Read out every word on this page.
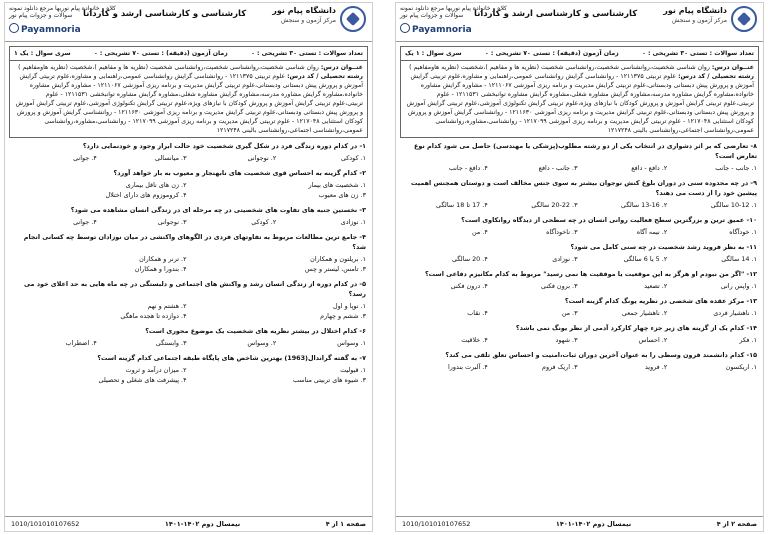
دانشگاه پیام نور
مرکز آزمون و سنجش
کارشناسی و کارشناسی ارشد و کاردانا
کلاه و خانواده پیام نوریها مرجع دانلود نمونه سوالات و جزوات پیام نور
Payamnoria
تعداد سوالات : تستی ۳۰ تشریحی : ۰
زمان آزمون (دقیقه) : تستی ۷۰ تشریحی : ۰
سری سوال : یک ۱
عنــوان درس: روان شناسی شخصیت،روانشناسی شخصیت،روانشناسی شخصیت (نظریه ها و مفاهیم )،شخصیت (نظریه هاومفاهیم )
رشته تحصیلی / کد درس: علوم تربیتی ۱۲۱۱۳۷۵ - روانشناسی گرایش روانشناسی عمومی،راهنمایی و مشاوره،علوم تربیتی گرایش آموزش و پرورش پیش دبستانی ودبستانی،علوم تربیتی گرایش مدیریت و برنامه ریزی آموزشی ۱۲۱۱۰۶۷ - مشاوره گرایش مشاوره خانواده،مشاوره گرایش مشاوره مدرسه،مشاوره گرایش مشاوره شغلی،مشاوره گرایش مشاوره توانبخشی ۱۲۱۱۵۳۱ - علوم تربیتی،علوم تربیتی گرایش آموزش و پرورش کودکان با نیازهای ویژه،علوم تربیتی گرایش تکنولوژی آموزشی،علوم تربیتی گرایش آموزش و پرورش پیش دبستانی ودبستانی،علوم تربیتی گرایش مدیریت و برنامه ریزی آموزشی ۱۲۱۱۶۳۰ - روانشناسی گرایش آموزش و پرورش کودکان استثنایی ۱۲۱۷۰۴۸ - علوم تربیتی گرایش مدیریت و برنامه ریزی آموزشی ۱۲۱۷۰۹۹ - روانشناسی،مشاوره،روانشناسی عمومی،روانشناسی اجتماعی،روانشناسی بالینی ۱۲۱۷۲۴۸
۱- در کدام دوره زندگی فرد در شکل گیری شخصیت خود حالت ابراز وجود و خودنمایی دارد؟
۱. کودکی
۲. نوجوانی
۳. میانسالی
۴. جوانی
۲- کدام گزینه به احساس قوی شخصیت های نابهنجار و معیوب به بار خواهد آورد؟
۱. شخصیت های بیمار
۲. زن های ناقل بیماری
۳. زن های معیوب
۴. کروموزوم های دارای اختلال
۳- نخستین جنبه های تفاوت های شخصیتی در چه مرحله ای در زندگی انسان مشاهده می شود؟
۱. نوزادی
۲. کودکی
۳. نوجوانی
۴. جوانی
۴- جامع ترین مطالعات مربوط به تفاوتهای فردی در الگوهای واکنشی در میان نوزادان توسط چه کسانی انجام شد؟
۱. بریلتون و همکاران
۲. ترنر و همکاران
۳. تامس، لیستر و چس
۴. بندورا و همکاران
۵- در کدام دوره از زندگی انسان رشد و واکنش های اجتماعی و دلبستگی در چه ماه هایی به حد اعلای خود می رسد؟
۱. نوپا و اول
۲. هشتم و نهم
۳. ششم و چهارم
۴. دوازده تا هجده ماهگی
۶- کدام اختلال در بیشتر نظریه های شخصیت یک موضوع محوری است؟
۱. وسواس
۲. وسواس
۳. وابستگی
۴. اضطراب
۷- به گفته گراندال(1963) بهترین شاخص های پایگاه طبقه اجتماعی کدام گزینه است؟
۱. قبولیت
۲. میزان درآمد و ثروت
۳. شیوه های تربیتی مناسب
۴. پیشرفت های شغلی و تحصیلی
صفحه ۱ از ۴
نیمسال دوم ۱۴۰۲-۱۴۰۱
1010/101010107652
دانشگاه پیام نور
مرکز آزمون و سنجش
کارشناسی و کارشناسی ارشد و کاردانا
کلاه و خانواده پیام نوریها مرجع دانلود نمونه سوالات و جزوات پیام نور
Payamnoria
تعداد سوالات : تستی ۳۰ تشریحی : ۰
زمان آزمون (دقیقه) : تستی ۷۰ تشریحی : ۰
سری سوال : ۱ یک
عنــوان درس: روان شناسی شخصیت،روانشناسی شخصیت،روانشناسی شخصیت (نظریه ها و مفاهیم )،شخصیت (نظریه هاومفاهیم )
رشته تحصیلی / کد درس: علوم تربیتی ۱۲۱۱۳۷۵ - روانشناسی گرایش روانشناسی عمومی،راهنمایی و مشاوره،علوم تربیتی گرایش آموزش و پرورش پیش دبستانی ودبستانی،علوم تربیتی گرایش مدیریت و برنامه ریزی آموزشی ۱۲۱۱۰۶۷ - مشاوره گرایش مشاوره خانواده،مشاوره گرایش مشاوره مدرسه،مشاوره گرایش مشاوره شغلی،مشاوره گرایش مشاوره توانبخشی ۱۲۱۱۵۳۱ - علوم تربیتی،علوم تربیتی گرایش آموزش و پرورش کودکان با نیازهای ویژه،علوم تربیتی گرایش تکنولوژی آموزشی،علوم تربیتی گرایش آموزش و پرورش پیش دبستانی ودبستانی،علوم تربیتی گرایش مدیریت و برنامه ریزی آموزشی ۱۲۱۱۶۳۰ - روانشناسی گرایش آموزش و پرورش کودکان استثنایی ۱۲۱۷۰۴۸ - علوم تربیتی گرایش مدیریت و برنامه ریزی آموزشی ۱۲۱۷۰۹۹ - روانشناسی،مشاوره،روانشناسی عمومی،روانشناسی اجتماعی،روانشناسی بالینی ۱۲۱۷۲۴۸
۸- تعارضی که بر اثر دشواری در انتخاب یکی از دو رشته مطلوب(پزشکی یا مهندسی) حاصل می شود کدام نوع تعارض است؟
۱. جانب - جانب
۲. دافع - دافع
۳. جانب - دافع
۴. دافع - جانب
۹- در چه محدوده سنی در دوران بلوغ کنش نوجوان بیشتر به سوی جنس مخالف است و دوستان همجنس اهمیت پیشین خود را از دست می دهند؟
۱. 10-12 سالگی
۲. 13-16 سالگی
۳. 20-22 سالگی
۴. 17 تا 18 سالگی
۱۰- عمیق ترین و بزرگترین سطح فعالیت روانی انسان در چه سطحی از دیدگاه روانکاوی است؟
۱. خودآگاه
۲. نیمه آگاه
۳. ناخودآگاه
۴. من
۱۱- به نظر فروید رشد شخصیت در چه سنی کامل می شود؟
۱. 14 سالگی
۲. 5 یا 6 سالگی
۳. نوزادی
۴. 20 سالگی
۱۲- "اگر من نبودم او هرگز به این موقعیت یا موفقیت ها نمی رسید" مربوط به کدام مکانیزم دفاعی است؟
۱. واپس رانی
۲. تصعید
۳. برون فکنی
۴. درون فکنی
۱۳- مرکز عقده های شخصی در نظریه یونگ کدام گزینه است؟
۱. ناهشیار فردی
۲. ناهشیار جمعی
۳. من
۴. نقاب
۱۴- کدام یک از گزینه های زیر جزء چهار کارکرد آدمی از نظر یونگ نمی باشد؟
۱. فکر
۲. احساس
۳. شهود
۴. خلاقیت
۱۵- کدام دانشمند قرون وسطی را به عنوان آخرین دوران ثبات،امنیت و احساس تعلق تلقی می کند؟
۱. اریکسون
۲. فروید
۳. اریک فروم
۴. آلبرت بندورا
صفحه ۲ از ۴
نیمسال دوم ۱۴۰۲-۱۴۰۱
1010/101010107652
